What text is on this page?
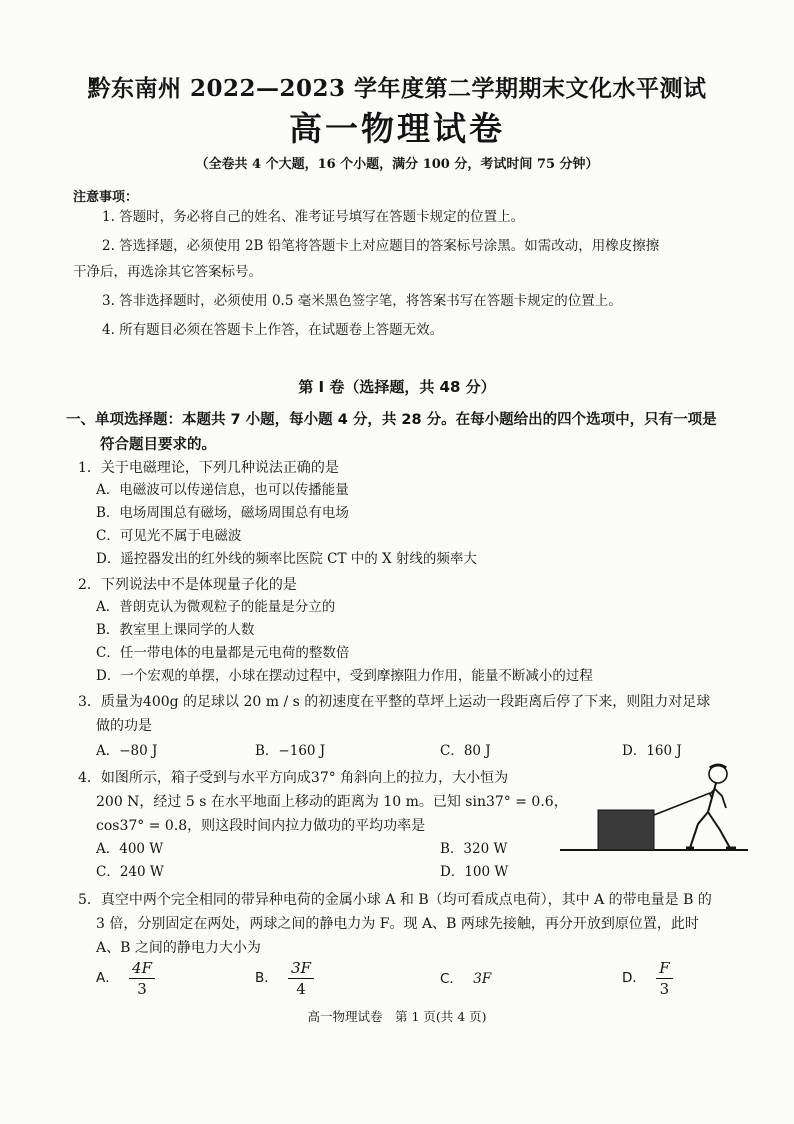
黔东南州 2022—2023 学年度第二学期期末文化水平测试
高一物理试卷
（全卷共 4 个大题，16 个小题，满分 100 分，考试时间 75 分钟）
注意事项：
1. 答题时，务必将自己的姓名、准考证号填写在答题卡规定的位置上。
2. 答选择题，必须使用 2B 铅笔将答题卡上对应题目的答案标号涂黑。如需改动，用橡皮擦擦
干净后，再选涂其它答案标号。
3. 答非选择题时，必须使用 0.5 毫米黑色签字笔，将答案书写在答题卡规定的位置上。
4. 所有题目必须在答题卡上作答，在试题卷上答题无效。
第 Ⅰ 卷（选择题，共 48 分）
一、单项选择题：本题共 7 小题，每小题 4 分，共 28 分。在每小题给出的四个选项中，只有一项是
符合题目要求的。
1．关于电磁理论，下列几种说法正确的是
A．电磁波可以传递信息，也可以传播能量
B．电场周围总有磁场，磁场周围总有电场
C．可见光不属于电磁波
D．遥控器发出的红外线的频率比医院 CT 中的 X 射线的频率大
2．下列说法中不是体现量子化的是
A．普朗克认为微观粒子的能量是分立的
B．教室里上课同学的人数
C．任一带电体的电量都是元电荷的整数倍
D．一个宏观的单摆，小球在摆动过程中，受到摩擦阻力作用，能量不断减小的过程
3．质量为400g 的足球以 20 m / s 的初速度在平整的草坪上运动一段距离后停了下来，则阻力对足球
做的功是
A．−80 J	B．−160 J	C．80 J	D．160 J
4．如图所示，箱子受到与水平方向成37° 角斜向上的拉力，大小恒为
200 N，经过 5 s 在水平地面上移动的距离为 10 m。已知 sin37° = 0.6，
cos37° = 0.8，则这段时间内拉力做功的平均功率是
A．400 W	B．320 W
C．240 W	D．100 W
5．真空中两个完全相同的带异种电荷的金属小球 A 和 B（均可看成点电荷），其中 A 的带电量是 B 的
3 倍，分别固定在两处，两球之间的静电力为 F。现 A、B 两球先接触，再分开放到原位置，此时
A、B 之间的静电力大小为
A． $\frac{4F}{3}$	B． $\frac{3F}{4}$	C． 3F	D． $\frac{F}{3}$
高一物理试卷　第 1 页(共 4 页)
